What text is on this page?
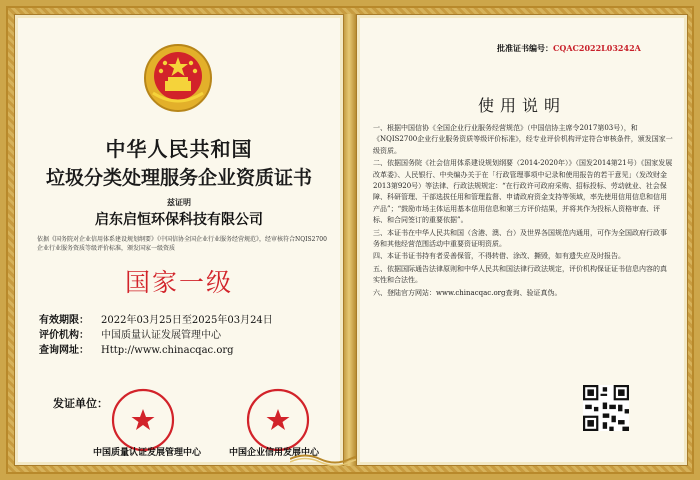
中华人民共和国
垃圾分类处理服务企业资质证书
兹证明
启东启恒环保科技有限公司
依据《国务院对企业信用体系建设规划纲要》《中国信协全国企业行业服务经营规范》，经审核符合NQIS2700企业行业服务资质等级评价标准，颁发国家一级资质
国家一级
有效期限： 2022年03月25日至2025年03月24日
评价机构： 中国质量认证发展管理中心
查询网址： Http://www.chinacqac.org
发证单位：
中国质量认证发展管理中心	中国企业信用发展中心
批准证书编号：CQAC2022L03242A
使用说明
一、根据中国信协《全国企业行业服务经营规范》（中国信协主席令2017第03号），和《NQIS2700企业行业服务资质等级评价标准》，经专业评价机构评定符合审核条件，颁发国家一级资质。
二、依据国务院《社会信用体系建设规划纲要（2014-2020年）》（国发2014第21号）《国家发展改革委》、人民银行、中央编办关于在「行政管理事项中记录和使用报告的若干意见」（发改财金2013第920号）等法律、行政法规规定：“在行政许可政府采购、招标投标、劳动就业、社会保障、科研管理、干部选拔任用和管理监督、申请政府资金支持等领域，率先使用信用信息和信用产品”；“鼓励市场主体运用基本信用信息和第三方评价结果，并将其作为投标人资格审查、评标、和合同签订的重要依据”。
三、本证书在中华人民共和国（含港、澳、台）及世界各国规范内通用，可作为全国政府行政事务和其他经营范围活动中重要资证明资质。
四、本证书证书持有者妥善保管，不得转借、涂改、撕毁，如有遗失应及时报告。
五、依据国际通告法律原则和中华人民共和国法律行政法规定，评价机构保证证书信息内容的真实性和合法性。
六、登陆官方网站：www.chinacqac.org查询、验证真伪。
